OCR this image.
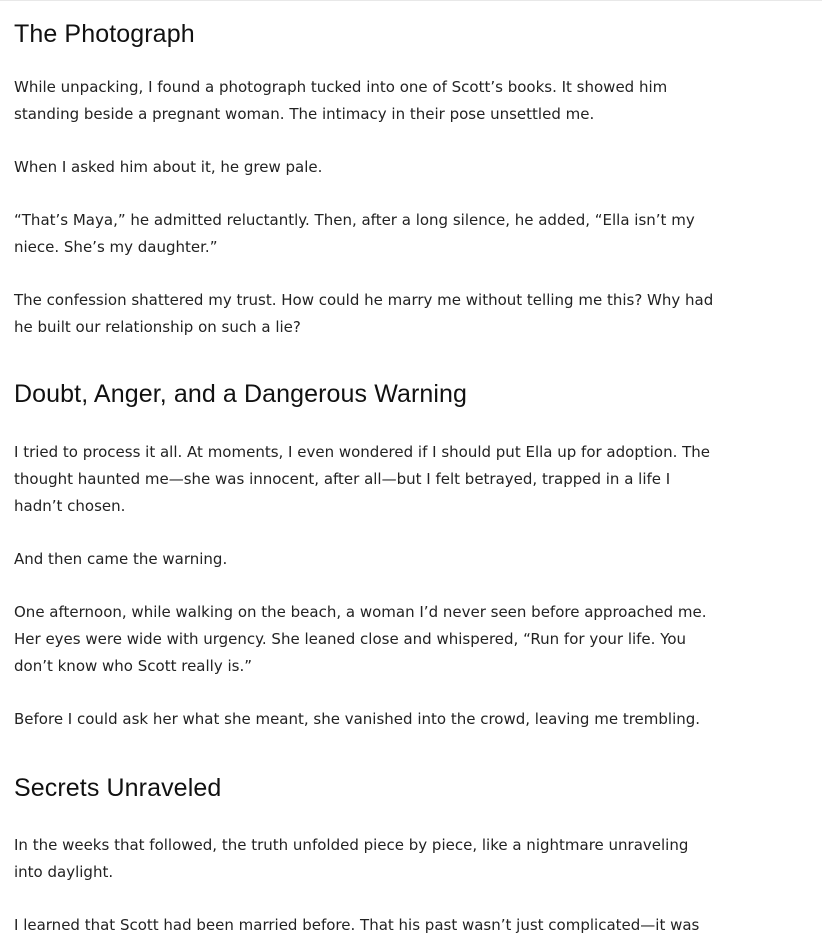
The Photograph

While unpacking, I found a photograph tucked into one of Scott’s books. It showed him standing beside a pregnant woman. The intimacy in their pose unsettled me.

When I asked him about it, he grew pale.

“That’s Maya,” he admitted reluctantly. Then, after a long silence, he added, “Ella isn’t my niece. She’s my daughter.”

The confession shattered my trust. How could he marry me without telling me this? Why had he built our relationship on such a lie?

Doubt, Anger, and a Dangerous Warning

I tried to process it all. At moments, I even wondered if I should put Ella up for adoption. The thought haunted me—she was innocent, after all—but I felt betrayed, trapped in a life I hadn’t chosen.

And then came the warning.

One afternoon, while walking on the beach, a woman I’d never seen before approached me. Her eyes were wide with urgency. She leaned close and whispered, “Run for your life. You don’t know who Scott really is.”

Before I could ask her what she meant, she vanished into the crowd, leaving me trembling.

Secrets Unraveled

In the weeks that followed, the truth unfolded piece by piece, like a nightmare unraveling into daylight.

I learned that Scott had been married before. That his past wasn’t just complicated—it was
